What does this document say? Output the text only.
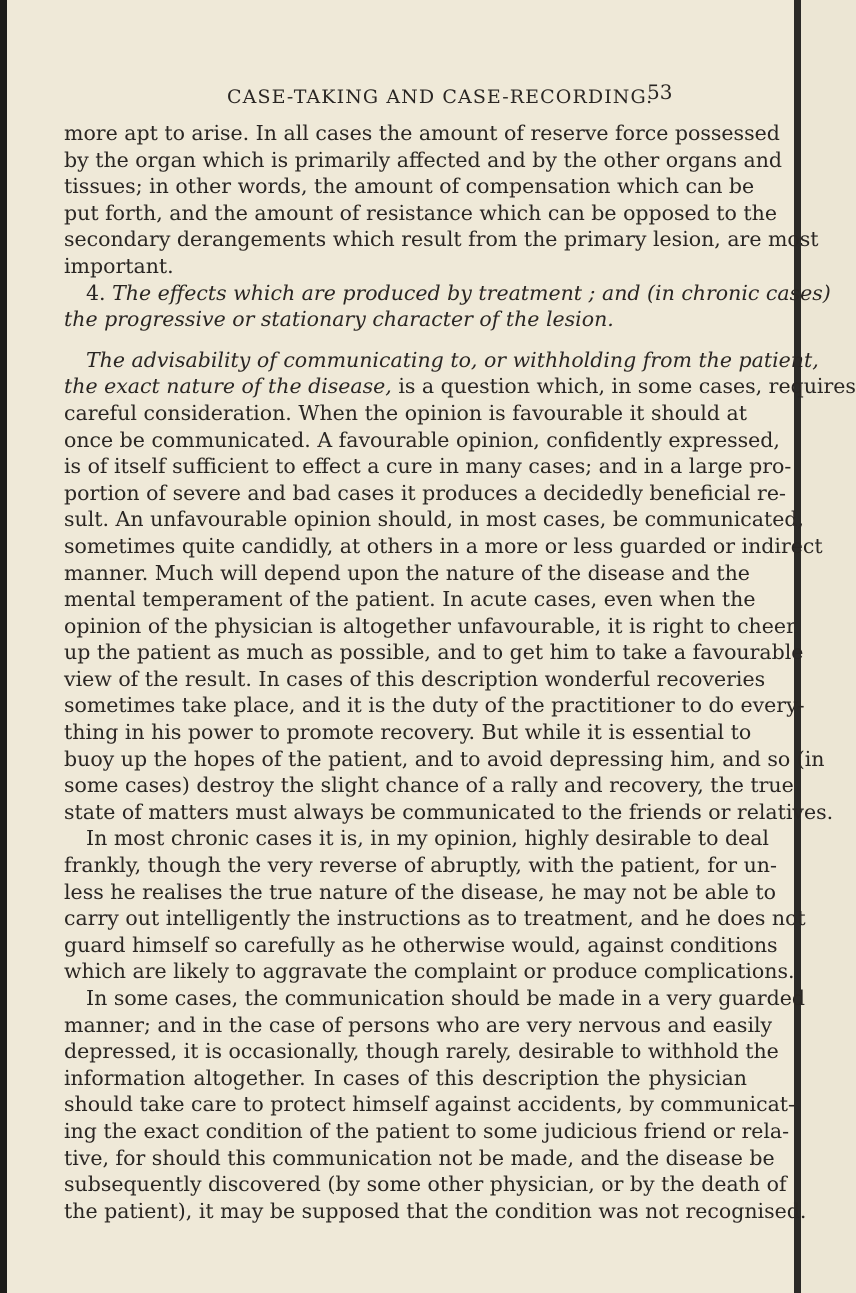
CASE-TAKING AND CASE-RECORDING.
53
more apt to arise. In all cases the amount of reserve force possessed
by the organ which is primarily affected and by the other organs and
tissues; in other words, the amount of compensation which can be
put forth, and the amount of resistance which can be opposed to the
secondary derangements which result from the primary lesion, are most
important.
4. The effects which are produced by treatment ; and (in chronic cases)
the progressive or stationary character of the lesion.
The advisability of communicating to, or withholding from the patient,
the exact nature of the disease, is a question which, in some cases, requires
careful consideration. When the opinion is favourable it should at
once be communicated. A favourable opinion, confidently expressed,
is of itself sufficient to effect a cure in many cases; and in a large pro-
portion of severe and bad cases it produces a decidedly beneficial re-
sult. An unfavourable opinion should, in most cases, be communicated,
sometimes quite candidly, at others in a more or less guarded or indirect
manner. Much will depend upon the nature of the disease and the
mental temperament of the patient. In acute cases, even when the
opinion of the physician is altogether unfavourable, it is right to cheer
up the patient as much as possible, and to get him to take a favourable
view of the result. In cases of this description wonderful recoveries
sometimes take place, and it is the duty of the practitioner to do every-
thing in his power to promote recovery. But while it is essential to
buoy up the hopes of the patient, and to avoid depressing him, and so (in
some cases) destroy the slight chance of a rally and recovery, the true
state of matters must always be communicated to the friends or relatives.
In most chronic cases it is, in my opinion, highly desirable to deal
frankly, though the very reverse of abruptly, with the patient, for un-
less he realises the true nature of the disease, he may not be able to
carry out intelligently the instructions as to treatment, and he does not
guard himself so carefully as he otherwise would, against conditions
which are likely to aggravate the complaint or produce complications.
In some cases, the communication should be made in a very guarded
manner; and in the case of persons who are very nervous and easily
depressed, it is occasionally, though rarely, desirable to withhold the
information altogether. In cases of this description the physician
should take care to protect himself against accidents, by communicat-
ing the exact condition of the patient to some judicious friend or rela-
tive, for should this communication not be made, and the disease be
subsequently discovered (by some other physician, or by the death of
the patient), it may be supposed that the condition was not recognised.
